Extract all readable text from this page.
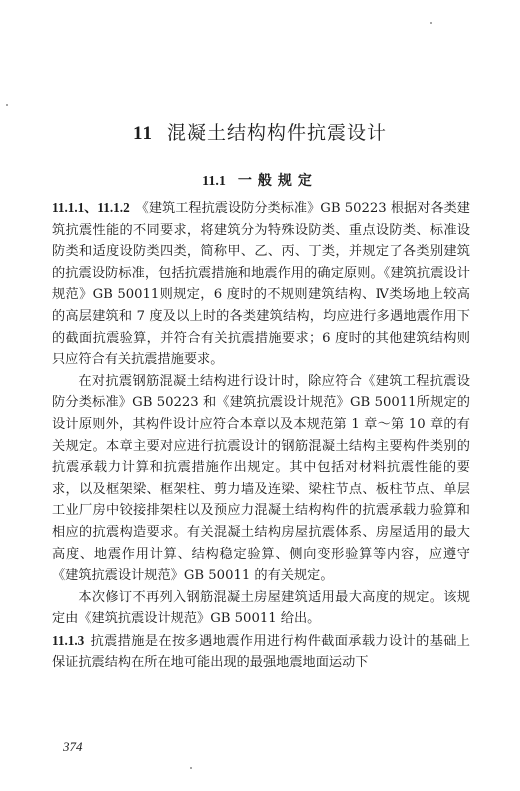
11 混凝土结构构件抗震设计
11.1 一般规定

11.1.1、11.1.2 《建筑工程抗震设防分类标准》GB 50223 根据对各类建筑抗震性能的不同要求，将建筑分为特殊设防类、重点设防类、标准设防类和适度设防类四类，简称甲、乙、丙、丁类，并规定了各类别建筑的抗震设防标准，包括抗震措施和地震作用的确定原则。《建筑抗震设计规范》GB 50011则规定，6 度时的不规则建筑结构、Ⅳ类场地上较高的高层建筑和 7 度及以上时的各类建筑结构，均应进行多遇地震作用下的截面抗震验算，并符合有关抗震措施要求；6 度时的其他建筑结构则只应符合有关抗震措施要求。

在对抗震钢筋混凝土结构进行设计时，除应符合《建筑工程抗震设防分类标准》GB 50223 和《建筑抗震设计规范》GB 50011所规定的设计原则外，其构件设计应符合本章以及本规范第 1 章～第 10 章的有关规定。本章主要对应进行抗震设计的钢筋混凝土结构主要构件类别的抗震承载力计算和抗震措施作出规定。其中包括对材料抗震性能的要求，以及框架梁、框架柱、剪力墙及连梁、梁柱节点、板柱节点、单层工业厂房中铰接排架柱以及预应力混凝土结构构件的抗震承载力验算和相应的抗震构造要求。有关混凝土结构房屋抗震体系、房屋适用的最大高度、地震作用计算、结构稳定验算、侧向变形验算等内容，应遵守《建筑抗震设计规范》GB 50011 的有关规定。

本次修订不再列入钢筋混凝土房屋建筑适用最大高度的规定。该规定由《建筑抗震设计规范》GB 50011 给出。

11.1.3 抗震措施是在按多遇地震作用进行构件截面承载力设计的基础上保证抗震结构在所在地可能出现的最强地震地面运动下

374
